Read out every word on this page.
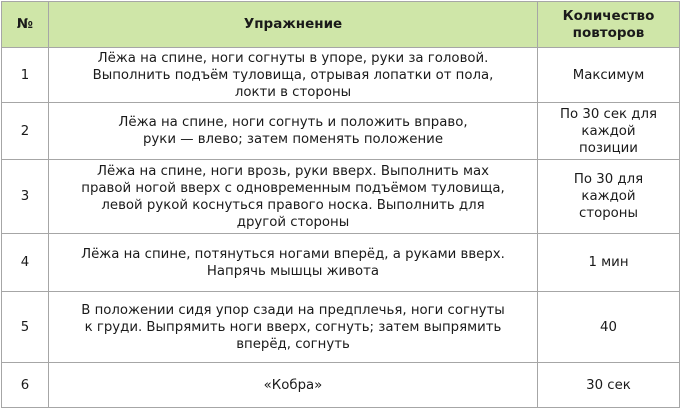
№	Упражнение	Количество
повторов

1	Лёжа на спине, ноги согнуты в упоре, руки за головой.
Выполнить подъём туловища, отрывая лопатки от пола,
локти в стороны	Максимум

2	Лёжа на спине, ноги согнуть и положить вправо,
руки — влево; затем поменять положение	По 30 сек для
каждой
позиции

3	Лёжа на спине, ноги врозь, руки вверх. Выполнить мах
правой ногой вверх с одновременным подъёмом туловища,
левой рукой коснуться правого носка. Выполнить для
другой стороны	По 30 для
каждой
стороны

4	Лёжа на спине, потянуться ногами вперёд, а руками вверх.
Напрячь мышцы живота	1 мин

5	В положении сидя упор сзади на предплечья, ноги согнуты
к груди. Выпрямить ноги вверх, согнуть; затем выпрямить
вперёд, согнуть	40

6	«Кобра»	30 сек
